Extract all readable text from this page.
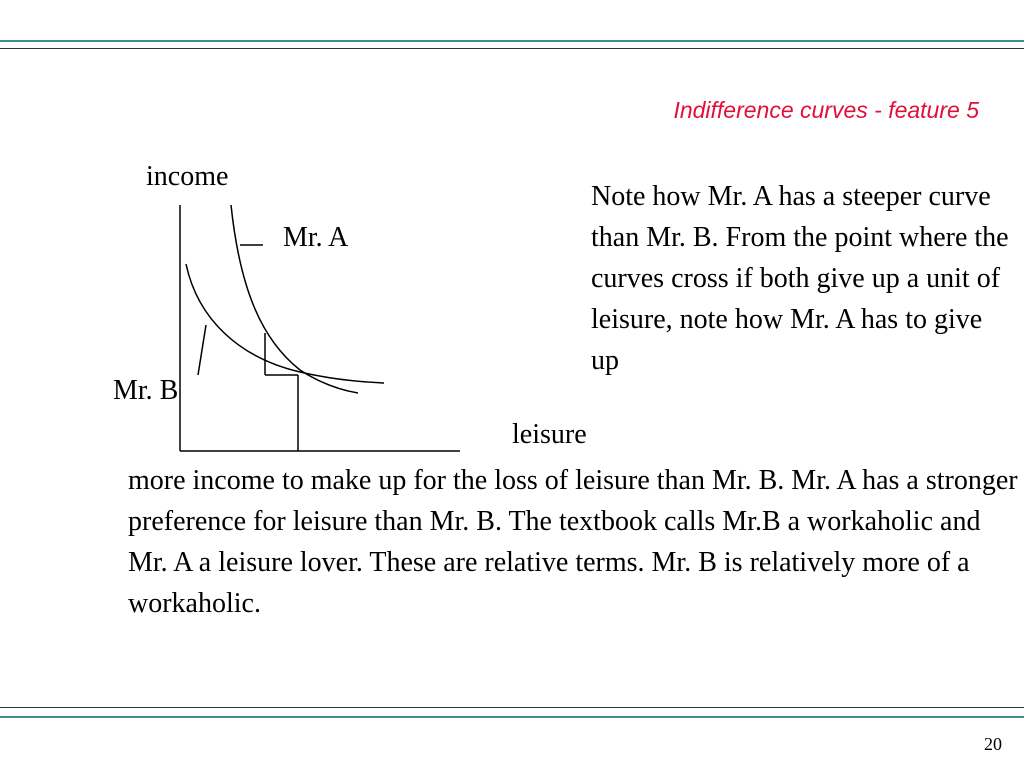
Indifference curves - feature 5
income
Mr. A
Mr. B
leisure

Note how Mr. A has a steeper curve than Mr. B. From the point where the curves cross if both give up a unit of leisure, note how Mr. A has to give up

more income to make up for the loss of leisure than Mr. B. Mr. A has a stronger preference for leisure than Mr. B. The textbook calls Mr.B a workaholic and Mr. A a leisure lover. These are relative terms. Mr. B is relatively more of a workaholic.

20
